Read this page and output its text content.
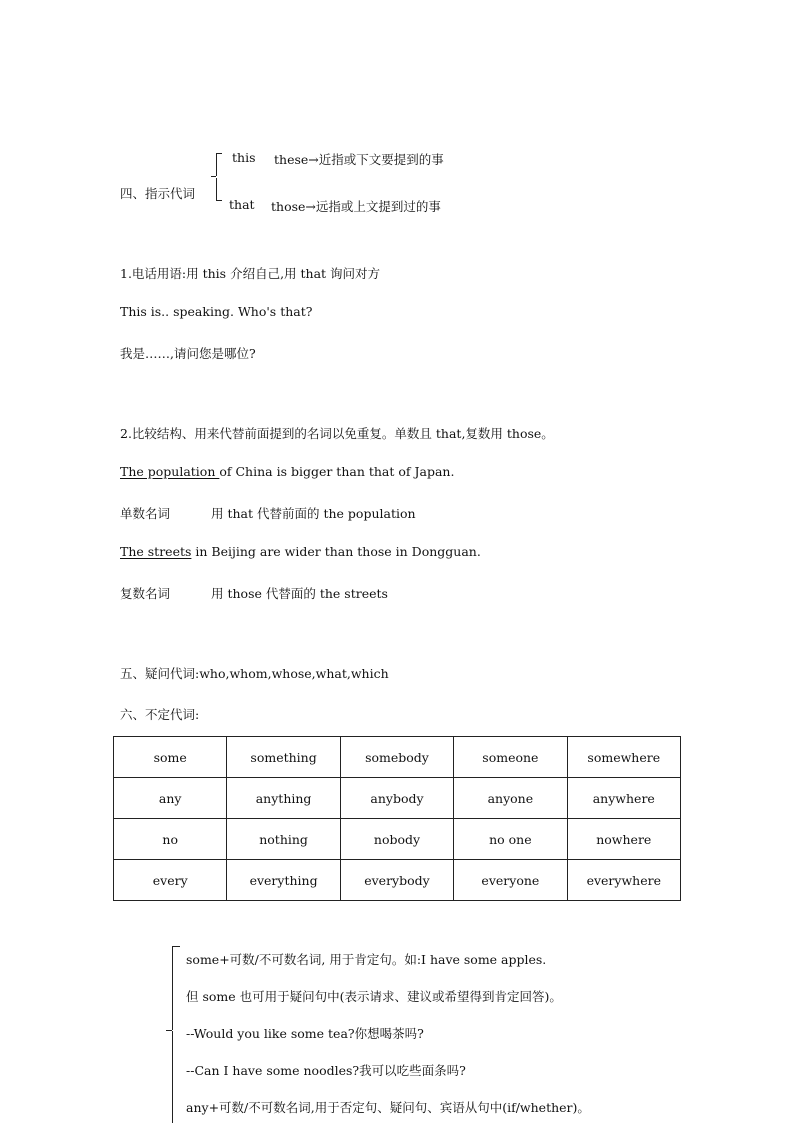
四、指示代词
this these→近指或下文要提到的事
that those→远指或上文提到过的事
1.电话用语:用 this 介绍自己,用 that 询问对方
This is.. speaking. Who's that?
我是……,请问您是哪位?
2.比较结构、用来代替前面提到的名词以免重复。单数且 that,复数用 those。
The population of China is bigger than that of Japan.
单数名词	用 that 代替前面的 the population
The streets in Beijing are wider than those in Dongguan.
复数名词	用 those 代替面的 the streets
五、疑问代词:who,whom,whose,what,which
六、不定代词:
some	something	somebody	someone	somewhere
any	anything	anybody	anyone	anywhere
no	nothing	nobody	no one	nowhere
every	everything	everybody	everyone	everywhere
some+可数/不可数名词, 用于肯定句。如:I have some apples.
但 some 也可用于疑问句中(表示请求、建议或希望得到肯定回答)。
--Would you like some tea?你想喝茶吗?
--Can I have some noodles?我可以吃些面条吗?
any+可数/不可数名词,用于否定句、疑问句、宾语从句中(if/whether)。
